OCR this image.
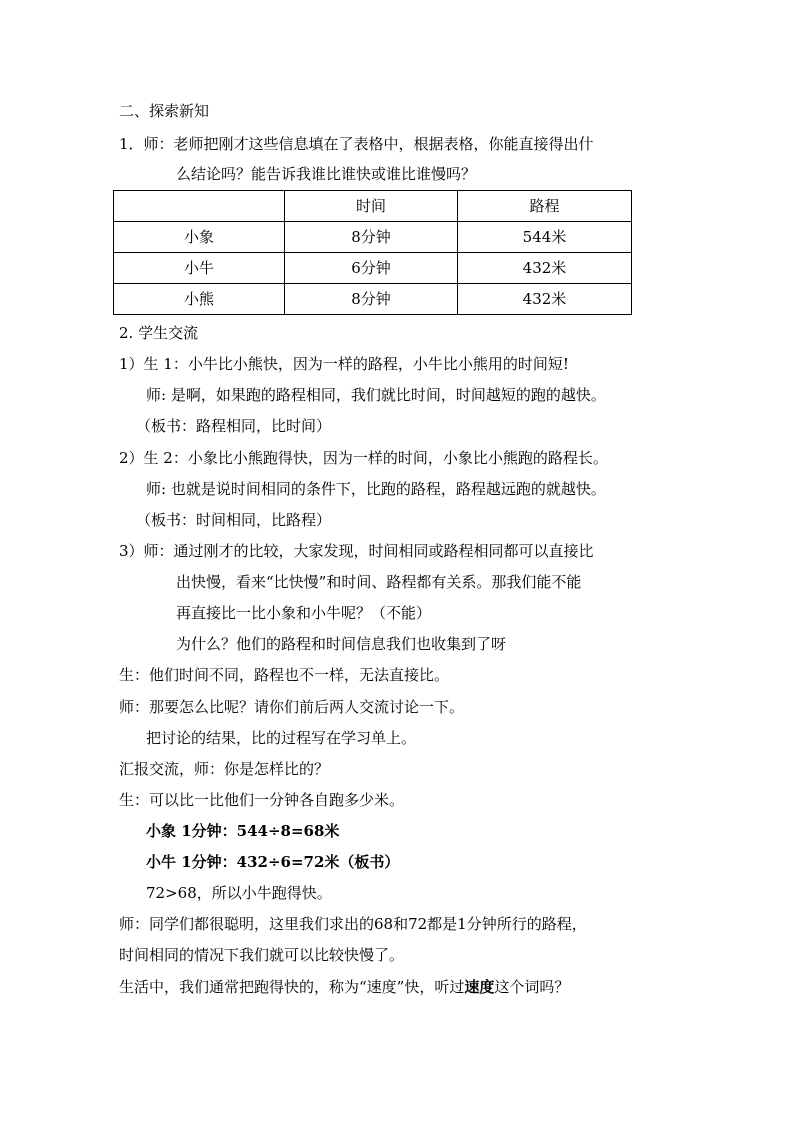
二、探索新知
1．师：老师把刚才这些信息填在了表格中，根据表格，你能直接得出什
么结论吗？能告诉我谁比谁快或谁比谁慢吗？
	时间	路程
小象	8分钟	544米
小牛	6分钟	432米
小熊	8分钟	432米
2. 学生交流
1）生 1：小牛比小熊快，因为一样的路程，小牛比小熊用的时间短!
师: 是啊，如果跑的路程相同，我们就比时间，时间越短的跑的越快。
（板书：路程相同，比时间）
2）生 2：小象比小熊跑得快，因为一样的时间，小象比小熊跑的路程长。
师: 也就是说时间相同的条件下，比跑的路程，路程越远跑的就越快。
（板书：时间相同，比路程）
3）师：通过刚才的比较，大家发现，时间相同或路程相同都可以直接比
出快慢，看来“比快慢”和时间、路程都有关系。那我们能不能
再直接比一比小象和小牛呢？（不能）
为什么？他们的路程和时间信息我们也收集到了呀
生：他们时间不同，路程也不一样，无法直接比。
师：那要怎么比呢？请你们前后两人交流讨论一下。
把讨论的结果，比的过程写在学习单上。
汇报交流，师：你是怎样比的？
生：可以比一比他们一分钟各自跑多少米。
小象 1分钟：544÷8=68米
小牛 1分钟：432÷6=72米（板书）
72>68，所以小牛跑得快。
师：同学们都很聪明，这里我们求出的68和72都是1分钟所行的路程，
时间相同的情况下我们就可以比较快慢了。
生活中，我们通常把跑得快的，称为“速度”快，听过速度这个词吗？
